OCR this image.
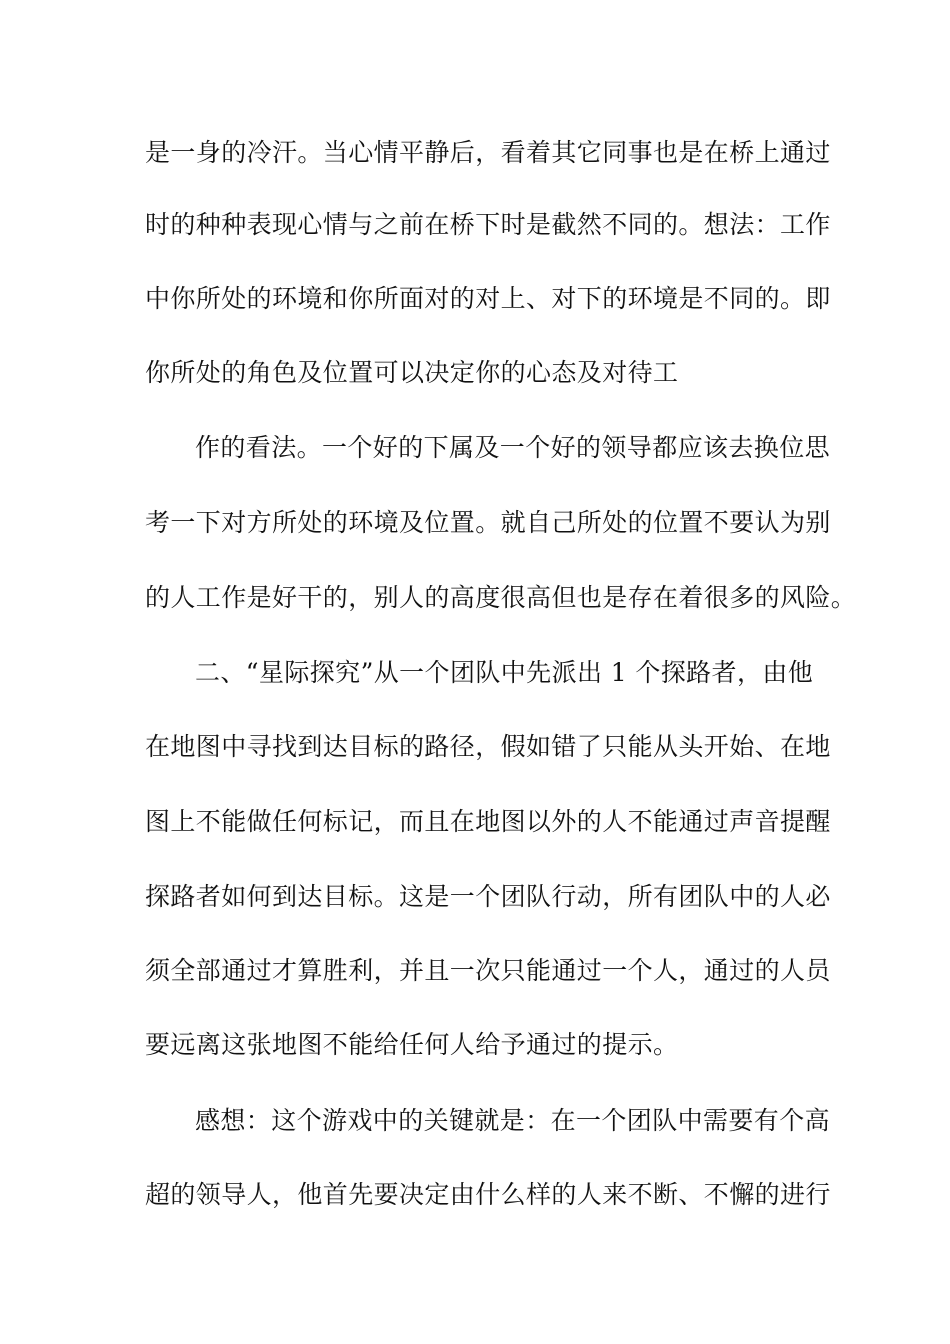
是一身的冷汗。当心情平静后，看着其它同事也是在桥上通过
时的种种表现心情与之前在桥下时是截然不同的。想法：工作
中你所处的环境和你所面对的对上、对下的环境是不同的。即
你所处的角色及位置可以决定你的心态及对待工
作的看法。一个好的下属及一个好的领导都应该去换位思
考一下对方所处的环境及位置。就自己所处的位置不要认为别
的人工作是好干的，别人的高度很高但也是存在着很多的风险。
二、“星际探究”从一个团队中先派出 1 个探路者，由他
在地图中寻找到达目标的路径，假如错了只能从头开始、在地
图上不能做任何标记，而且在地图以外的人不能通过声音提醒
探路者如何到达目标。这是一个团队行动，所有团队中的人必
须全部通过才算胜利，并且一次只能通过一个人，通过的人员
要远离这张地图不能给任何人给予通过的提示。
感想：这个游戏中的关键就是：在一个团队中需要有个高
超的领导人，他首先要决定由什么样的人来不断、不懈的进行
